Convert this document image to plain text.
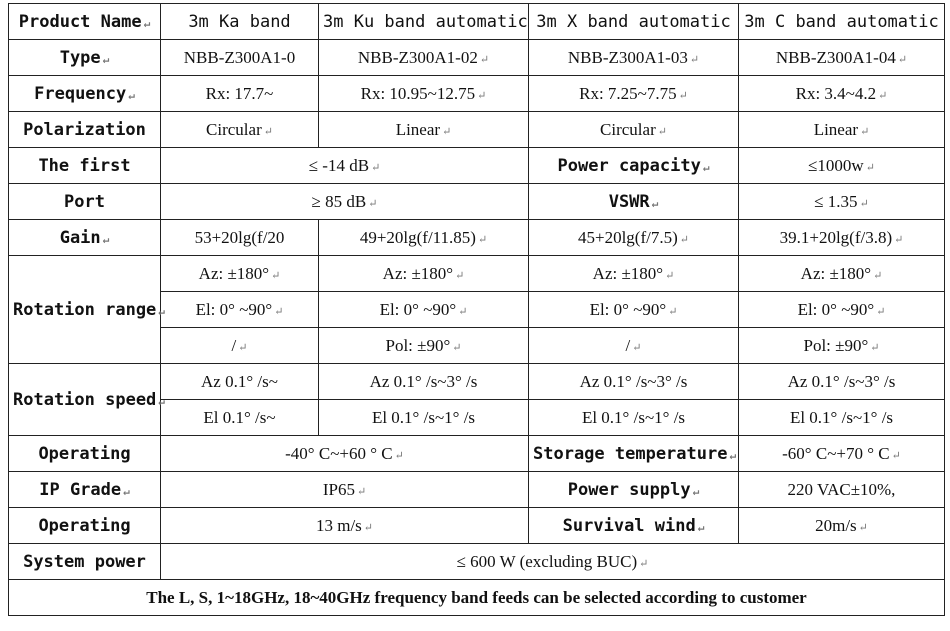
Product Name ↵	3m Ka band	3m Ku band automatic	3m X band automatic	3m C band automatic
Type ↵	NBB-Z300A1-0	NBB-Z300A1-02 ↵	NBB-Z300A1-03 ↵	NBB-Z300A1-04 ↵
Frequency ↵	Rx: 17.7~	Rx: 10.95~12.75 ↵	Rx: 7.25~7.75 ↵	Rx: 3.4~4.2 ↵
Polarization	Circular ↵	Linear ↵	Circular ↵	Linear ↵
The first	≤ -14 dB ↵		Power capacity ↵	≤1000w ↵
Port	≥ 85 dB ↵		VSWR ↵	≤ 1.35 ↵
Gain ↵	53+20lg(f/20	49+20lg(f/11.85) ↵	45+20lg(f/7.5) ↵	39.1+20lg(f/3.8) ↵
Rotation range ↵	Az: ±180° ↵	Az: ±180° ↵	Az: ±180° ↵	Az: ±180° ↵
	El: 0° ~90° ↵	El: 0° ~90° ↵	El: 0° ~90° ↵	El: 0° ~90° ↵
	/ ↵	Pol: ±90° ↵	/ ↵	Pol: ±90° ↵
Rotation speed ↵	Az 0.1° /s~	Az 0.1° /s~3° /s	Az 0.1° /s~3° /s	Az 0.1° /s~3° /s
	El 0.1° /s~	El 0.1° /s~1° /s	El 0.1° /s~1° /s	El 0.1° /s~1° /s
Operating	-40° C~+60 ° C ↵		Storage temperature ↵	-60° C~+70 ° C ↵
IP Grade ↵	IP65 ↵		Power supply ↵	220 VAC±10%,
Operating	13 m/s ↵		Survival wind ↵	20m/s ↵
System power	≤ 600 W (excluding BUC) ↵			
The L, S, 1~18GHz, 18~40GHz frequency band feeds can be selected according to customer				
